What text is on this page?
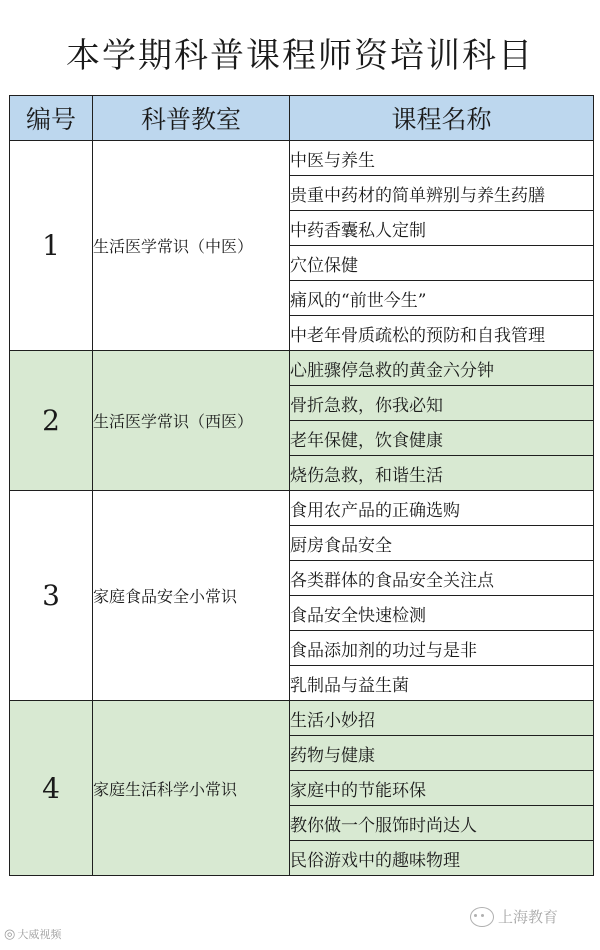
本学期科普课程师资培训科目
编号	科普教室	课程名称
1	生活医学常识（中医）	中医与养生
		贵重中药材的简单辨别与养生药膳
		中药香囊私人定制
		穴位保健
		痛风的“前世今生”
		中老年骨质疏松的预防和自我管理
2	生活医学常识（西医）	心脏骤停急救的黄金六分钟
		骨折急救，你我必知
		老年保健，饮食健康
		烧伤急救，和谐生活
3	家庭食品安全小常识	食用农产品的正确选购
		厨房食品安全
		各类群体的食品安全关注点
		食品安全快速检测
		食品添加剂的功过与是非
		乳制品与益生菌
4	家庭生活科学小常识	生活小妙招
		药物与健康
		家庭中的节能环保
		教你做一个服饰时尚达人
		民俗游戏中的趣味物理
◎ 大威视频
上海教育
